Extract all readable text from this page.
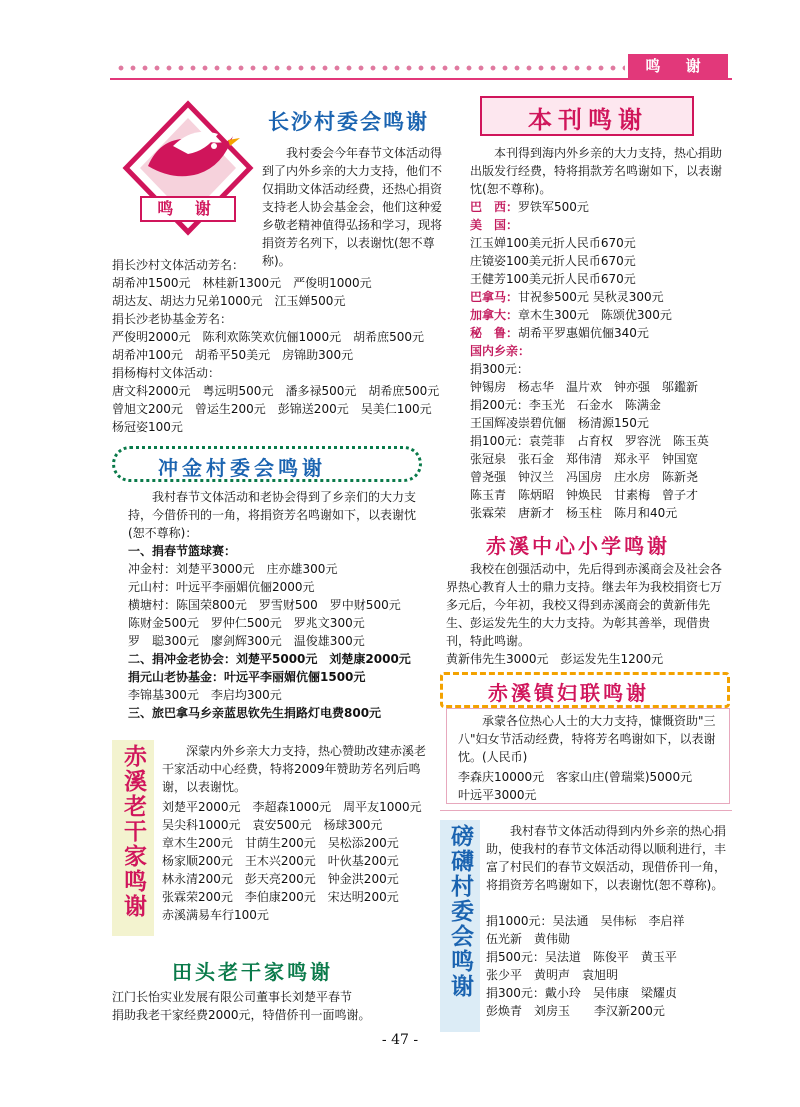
鸣 谢
鸣 谢
长沙村委会鸣谢
我村委会今年春节文体活动得到了内外乡亲的大力支持，他们不仅捐助文体活动经费，还热心捐资支持老人协会基金会，他们这种爱乡敬老精神值得弘扬和学习，现将捐资芳名列下，以表谢忱(恕不尊称)。
捐长沙村文体活动芳名：
胡希冲1500元　林桂新1300元　严俊明1000元
胡达友、胡达力兄弟1000元　江玉婵500元
捐长沙老协基金芳名：
严俊明2000元　陈利欢陈笑欢伉俪1000元　胡希庶500元
胡希冲100元　胡希平50美元　房锦助300元
捐杨梅村文体活动：
唐文科2000元　粤远明500元　潘多禄500元　胡希庶500元
曾旭文200元　曾运生200元　彭锦送200元　吴美仁100元
杨冠姿100元
冲金村委会鸣谢
我村春节文体活动和老协会得到了乡亲们的大力支持，今借侨刊的一角，将捐资芳名鸣谢如下，以表谢忱(恕不尊称)：
一、捐春节篮球赛：
冲金村：刘楚平3000元　庄亦雄300元
元山村：叶远平李丽媚伉俪2000元
横塘村：陈国荣800元　罗雪财500　罗中财500元
陈财金500元　罗仲仁500元　罗兆文300元
罗　聪300元　廖剑辉300元　温俊雄300元
二、捐冲金老协会：刘楚平5000元　刘楚康2000元
捐元山老协基金：叶远平李丽媚伉俪1500元
李锦基300元　李启均300元
三、旅巴拿马乡亲蓝思钦先生捐路灯电费800元
赤溪老干家鸣谢	深蒙内外乡亲大力支持，热心赞助改建赤溪老干家活动中心经费，特将2009年赞助芳名列后鸣谢，以表谢忱。
刘楚平2000元　李超森1000元　周平友1000元
吴尖科1000元　袁安500元　杨球300元
章木生200元　甘荫生200元　吴松添200元
杨家顺200元　王木兴200元　叶伙基200元
林永清200元　彭天亮200元　钟金洪200元
张霖荣200元　李伯康200元　宋达明200元
赤溪满易车行100元
田头老干家鸣谢
江门长怡实业发展有限公司董事长刘楚平春节
捐助我老干家经费2000元，特借侨刊一面鸣谢。
本刊鸣谢
本刊得到海内外乡亲的大力支持，热心捐助出版发行经费，特将捐款芳名鸣谢如下，以表谢忱(恕不尊称)。
巴　西：罗铁军500元
美　国：
江玉婵100美元折人民币670元
庄镜姿100美元折人民币670元
王健芳100美元折人民币670元
巴拿马：甘祝参500元 吴秋灵300元
加拿大：章木生300元　陈颂优300元
秘　鲁：胡希平罗惠媚伉俪340元
国内乡亲：
捐300元：
钟锡房　杨志华　温片欢　钟亦强　邬鑑新
捐200元：李玉光　石金水　陈满金
王国辉凌崇碧伉俪　杨清源150元
捐100元：袁莞菲　占育权　罗容洸　陈玉英
张冠泉　张石金　郑伟清　郑永平　钟国宽
曾尧强　钟汉兰　冯国房　庄水房　陈新尧
陈玉青　陈炳昭　钟焕民　甘素梅　曾子才
张霖荣　唐新才　杨玉柱　陈月和40元
赤溪中心小学鸣谢
我校在创强活动中，先后得到赤溪商会及社会各界热心教育人士的鼎力支持。继去年为我校捐资七万多元后，今年初，我校又得到赤溪商会的黄新伟先生、彭运发先生的大力支持。为彰其善举，现借贵刊，特此鸣谢。
黄新伟先生3000元　彭运发先生1200元
赤溪镇妇联鸣谢
承蒙各位热心人士的大力支持，慷慨资助"三八"妇女节活动经费，特将芳名鸣谢如下，以表谢忱。(人民币)
李森庆10000元　客家山庄(曾瑞棠)5000元
叶远平3000元
磅礴村委会鸣谢	我村春节文体活动得到内外乡亲的热心捐助，使我村的春节文体活动得以顺利进行，丰富了村民们的春节文娱活动，现借侨刊一角，将捐资芳名鸣谢如下，以表谢忱(恕不尊称)。
捐1000元：吴法通　吴伟标　李启祥
伍光新　黄伟勋
捐500元：吴法道　陈俊平　黄玉平
张少平　黄明声　袁旭明
捐300元：戴小玲　吴伟康　梁耀贞
彭焕青　刘房玉　　李汉新200元
- 47 -
